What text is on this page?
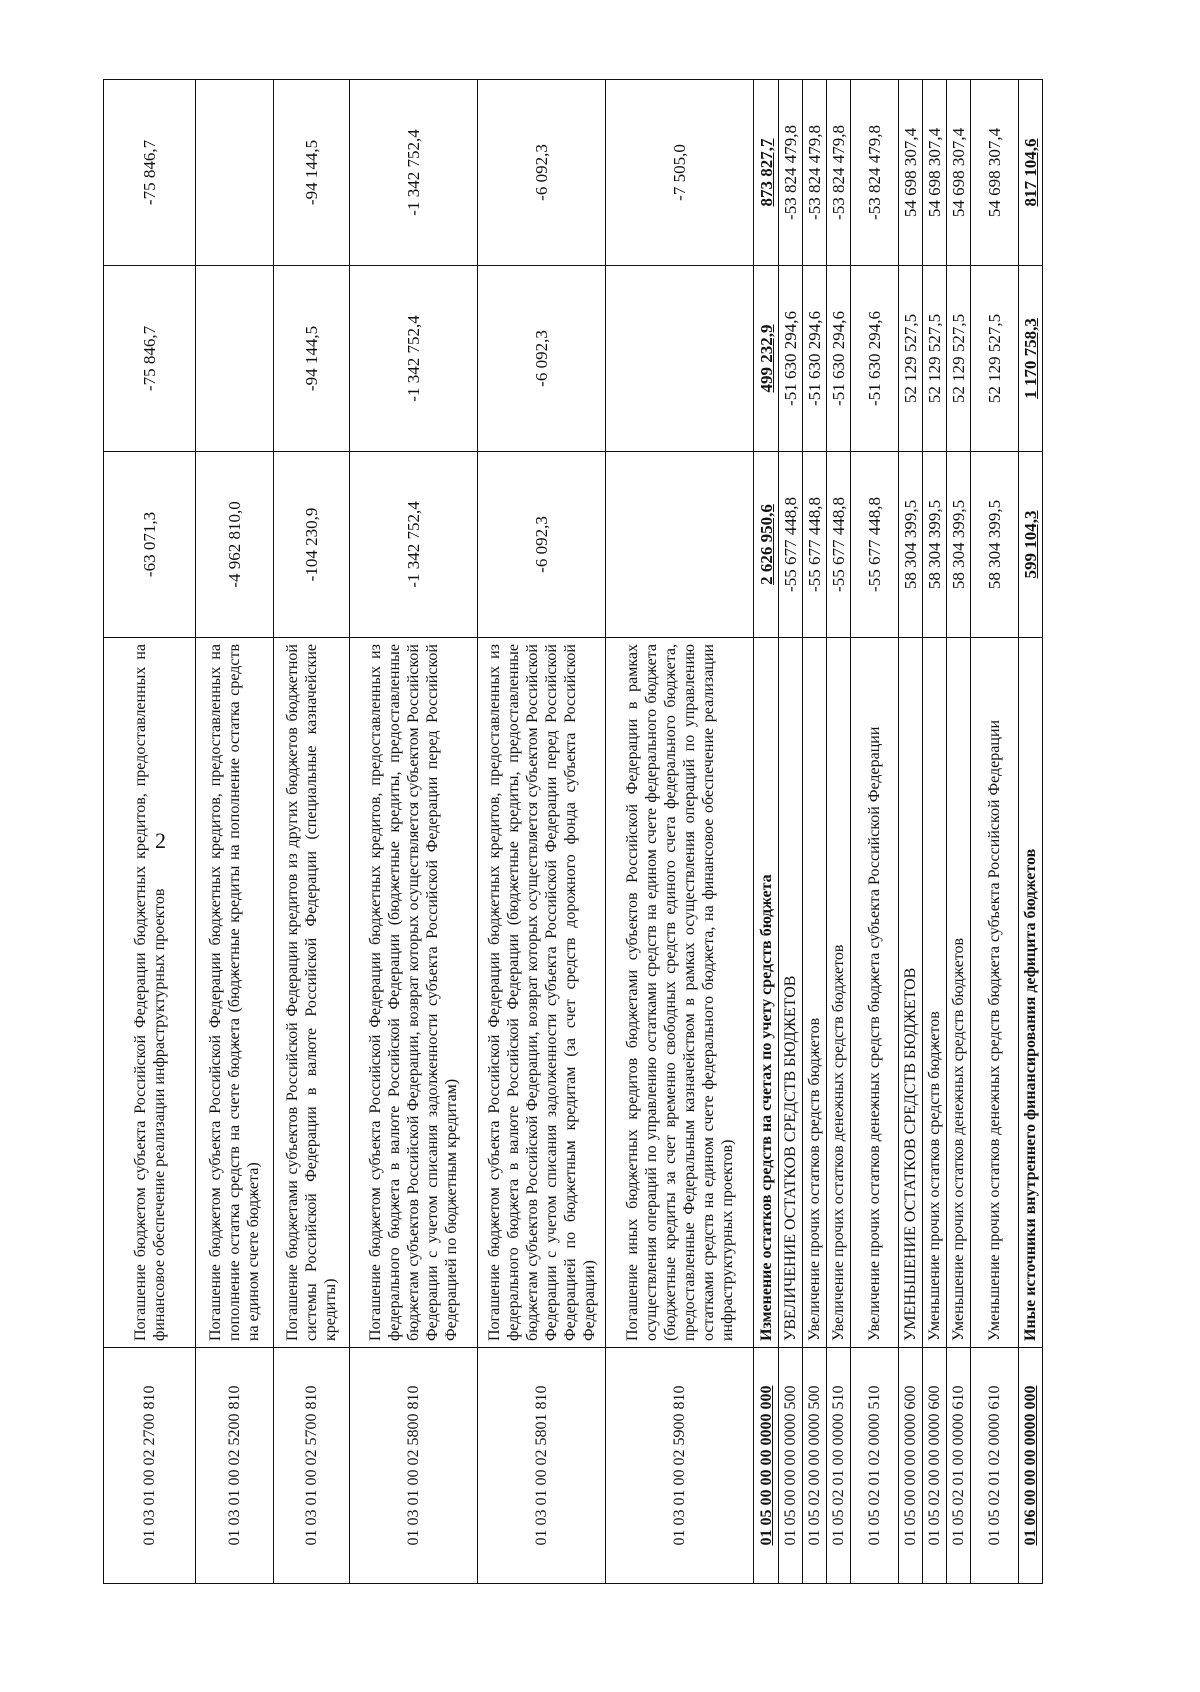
2
01 03 01 00 02 2700 810	Погашение бюджетом субъекта Российской Федерации бюджетных кредитов, предоставленных на финансовое обеспечение реализации инфраструктурных проектов	-63 071,3	-75 846,7	-75 846,7
01 03 01 00 02 5200 810	Погашение бюджетом субъекта Российской Федерации бюджетных кредитов, предоставленных на пополнение остатка средств на счете бюджета (бюджетные кредиты на пополнение остатка средств на едином счете бюджета)	-4 962 810,0		
01 03 01 00 02 5700 810	Погашение бюджетами субъектов Российской Федерации кредитов из других бюджетов бюджетной системы Российской Федерации в валюте Российской Федерации (специальные казначейские кредиты)	-104 230,9	-94 144,5	-94 144,5
01 03 01 00 02 5800 810	Погашение бюджетом субъекта Российской Федерации бюджетных кредитов, предоставленных из федерального бюджета в валюте Российской Федерации (бюджетные кредиты, предоставленные бюджетам субъектов Российской Федерации, возврат которых осуществляется субъектом Российской Федерации с учетом списания задолженности субъекта Российской Федерации перед Российской Федерацией по бюджетным кредитам)	-1 342 752,4	-1 342 752,4	-1 342 752,4
01 03 01 00 02 5801 810	Погашение бюджетом субъекта Российской Федерации бюджетных кредитов, предоставленных из федерального бюджета в валюте Российской Федерации (бюджетные кредиты, предоставленные бюджетам субъектов Российской Федерации, возврат которых осуществляется субъектом Российской Федерации с учетом списания задолженности субъекта Российской Федерации перед Российской Федерацией по бюджетным кредитам (за счет средств дорожного фонда субъекта Российской Федерации)	-6 092,3	-6 092,3	-6 092,3
01 03 01 00 02 5900 810	Погашение иных бюджетных кредитов бюджетами субъектов Российской Федерации в рамках осуществления операций по управлению остатками средств на едином счете федерального бюджета (бюджетные кредиты за счет временно свободных средств единого счета федерального бюджета, предоставленные Федеральным казначейством в рамках осуществления операций по управлению остатками средств на едином счете федерального бюджета, на финансовое обеспечение реализации инфраструктурных проектов)			-7 505,0
01 05 00 00 00 0000 000	Изменение остатков средств на счетах по учету средств бюджета	2 626 950,6	499 232,9	873 827,7
01 05 00 00 00 0000 500	УВЕЛИЧЕНИЕ ОСТАТКОВ СРЕДСТВ БЮДЖЕТОВ	-55 677 448,8	-51 630 294,6	-53 824 479,8
01 05 02 00 00 0000 500	Увеличение прочих остатков средств бюджетов	-55 677 448,8	-51 630 294,6	-53 824 479,8
01 05 02 01 00 0000 510	Увеличение прочих остатков денежных средств бюджетов	-55 677 448,8	-51 630 294,6	-53 824 479,8
01 05 02 01 02 0000 510	Увеличение прочих остатков денежных средств бюджета субъекта Российской Федерации	-55 677 448,8	-51 630 294,6	-53 824 479,8
01 05 00 00 00 0000 600	УМЕНЬШЕНИЕ ОСТАТКОВ СРЕДСТВ БЮДЖЕТОВ	58 304 399,5	52 129 527,5	54 698 307,4
01 05 02 00 00 0000 600	Уменьшение прочих остатков средств бюджетов	58 304 399,5	52 129 527,5	54 698 307,4
01 05 02 01 00 0000 610	Уменьшение прочих остатков денежных средств бюджетов	58 304 399,5	52 129 527,5	54 698 307,4
01 05 02 01 02 0000 610	Уменьшение прочих остатков денежных средств бюджета субъекта Российской Федерации	58 304 399,5	52 129 527,5	54 698 307,4
01 06 00 00 00 0000 000	Иные источники внутреннего финансирования дефицита бюджетов	599 104,3	1 170 758,3	817 104,6
